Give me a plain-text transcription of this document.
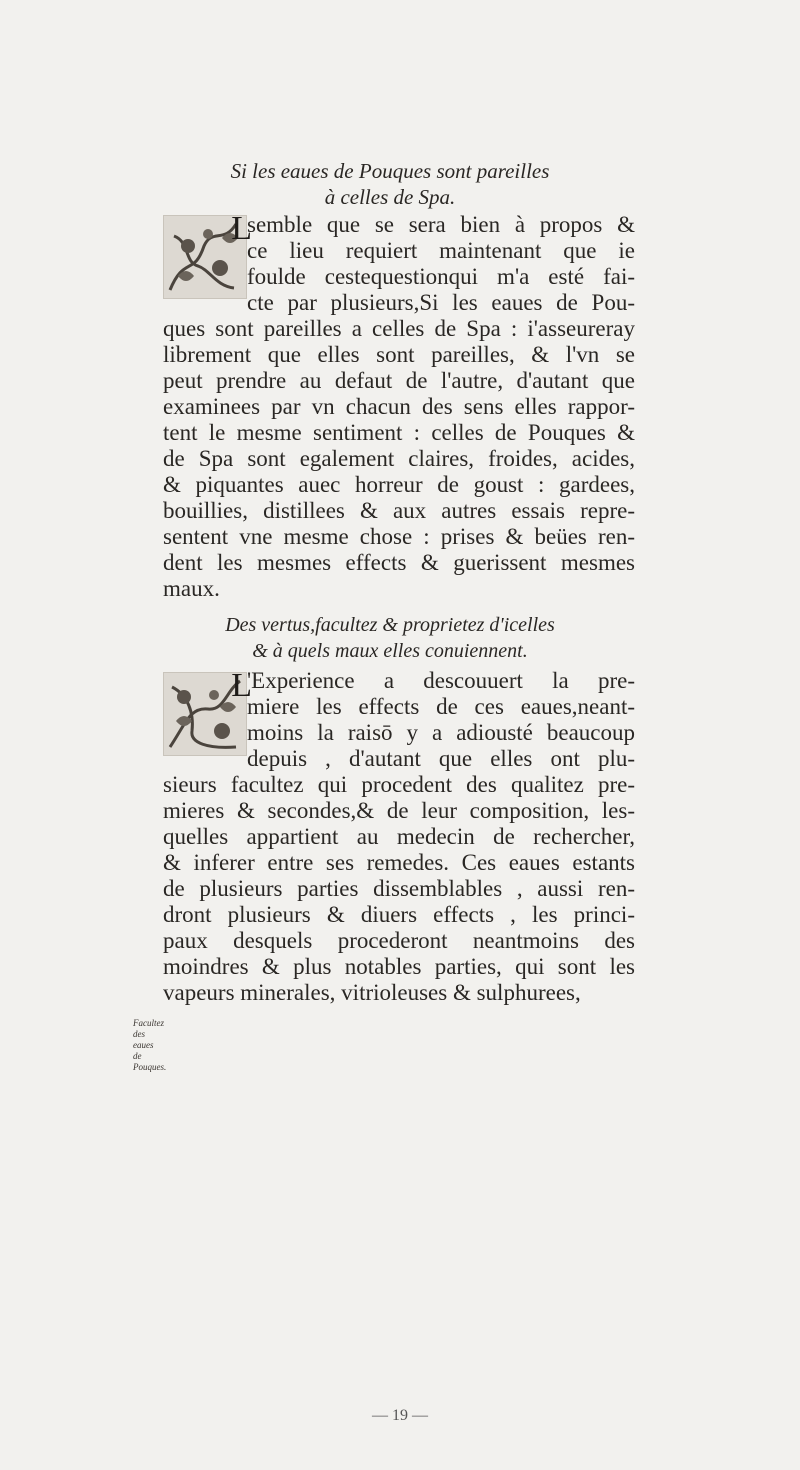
Si les eaues de Pouques sont pareilles
à celles de Spa.
L
semble que se sera bien à propos &
ce lieu requiert maintenant que ie
foulde cestequestionqui m'a esté fai-
cte par plusieurs,Si les eaues de Pou-
ques sont pareilles a celles de Spa : i'asseureray
librement que elles sont pareilles, & l'vn se
peut prendre au defaut de l'autre, d'autant que
examinees par vn chacun des sens elles rappor-
tent le mesme sentiment : celles de Pouques &
de Spa sont egalement claires, froides, acides,
& piquantes auec horreur de goust : gardees,
bouillies, distillees & aux autres essais repre-
sentent vne mesme chose : prises & beües ren-
dent les mesmes effects & guerissent mesmes
maux.
Des vertus,facultez & proprietez d'icelles
& à quels maux elles conuiennent.
L
'Experience a descouuert la pre-
miere les effects de ces eaues,neant-
moins la raisō y a adiousté beaucoup
depuis , d'autant que elles ont plu-
sieurs facultez qui procedent des qualitez pre-
mieres & secondes,& de leur composition, les-
quelles appartient au medecin de rechercher,
& inferer entre ses remedes. Ces eaues estants
de plusieurs parties dissemblables , aussi ren-
dront plusieurs & diuers effects , les princi-
paux desquels procederont neantmoins des
moindres & plus notables parties, qui sont les
vapeurs minerales, vitrioleuses & sulphurees,
Facultez
des eaues
de Pouques.
— 19 —
